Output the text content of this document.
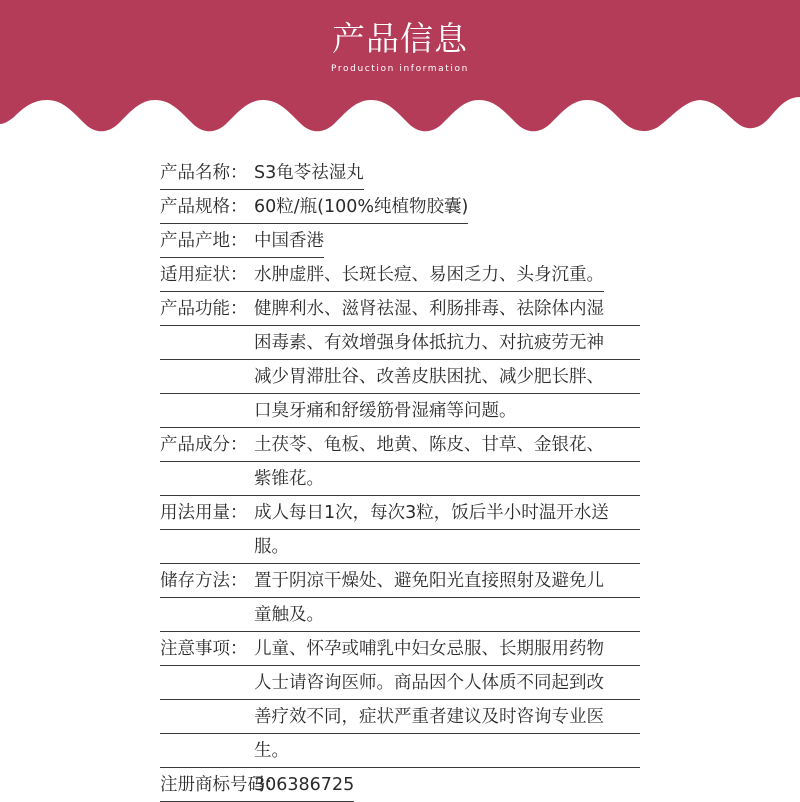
产品信息
Production information
产品名称： S3龟苓祛湿丸
产品规格： 60粒/瓶(100%纯植物胶囊)
产品产地： 中国香港
适用症状： 水肿虚胖、长斑长痘、易困乏力、头身沉重。
产品功能： 健脾利水、滋肾祛湿、利肠排毒、祛除体内湿
困毒素、有效增强身体抵抗力、对抗疲劳无神
减少胃滞肚谷、改善皮肤困扰、减少肥长胖、
口臭牙痛和舒缓筋骨湿痛等问题。
产品成分： 土茯苓、龟板、地黄、陈皮、甘草、金银花、
紫锥花。
用法用量： 成人每日1次，每次3粒，饭后半小时温开水送
服。
储存方法： 置于阴凉干燥处、避免阳光直接照射及避免儿
童触及。
注意事项： 儿童、怀孕或哺乳中妇女忌服、长期服用药物
人士请咨询医师。商品因个人体质不同起到改
善疗效不同，症状严重者建议及时咨询专业医
生。
注册商标号码：
306386725
